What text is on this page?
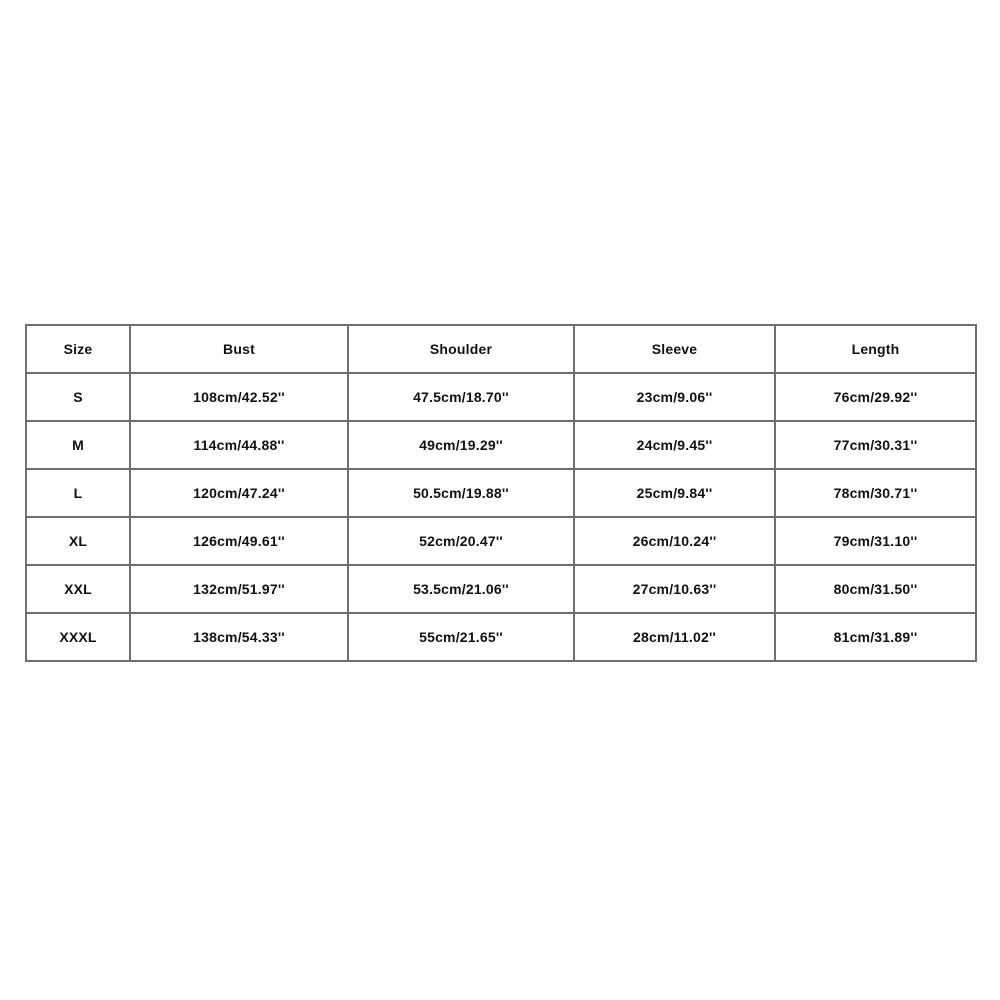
Size	Bust	Shoulder	Sleeve	Length
S	108cm/42.52''	47.5cm/18.70''	23cm/9.06''	76cm/29.92''
M	114cm/44.88''	49cm/19.29''	24cm/9.45''	77cm/30.31''
L	120cm/47.24''	50.5cm/19.88''	25cm/9.84''	78cm/30.71''
XL	126cm/49.61''	52cm/20.47''	26cm/10.24''	79cm/31.10''
XXL	132cm/51.97''	53.5cm/21.06''	27cm/10.63''	80cm/31.50''
XXXL	138cm/54.33''	55cm/21.65''	28cm/11.02''	81cm/31.89''
